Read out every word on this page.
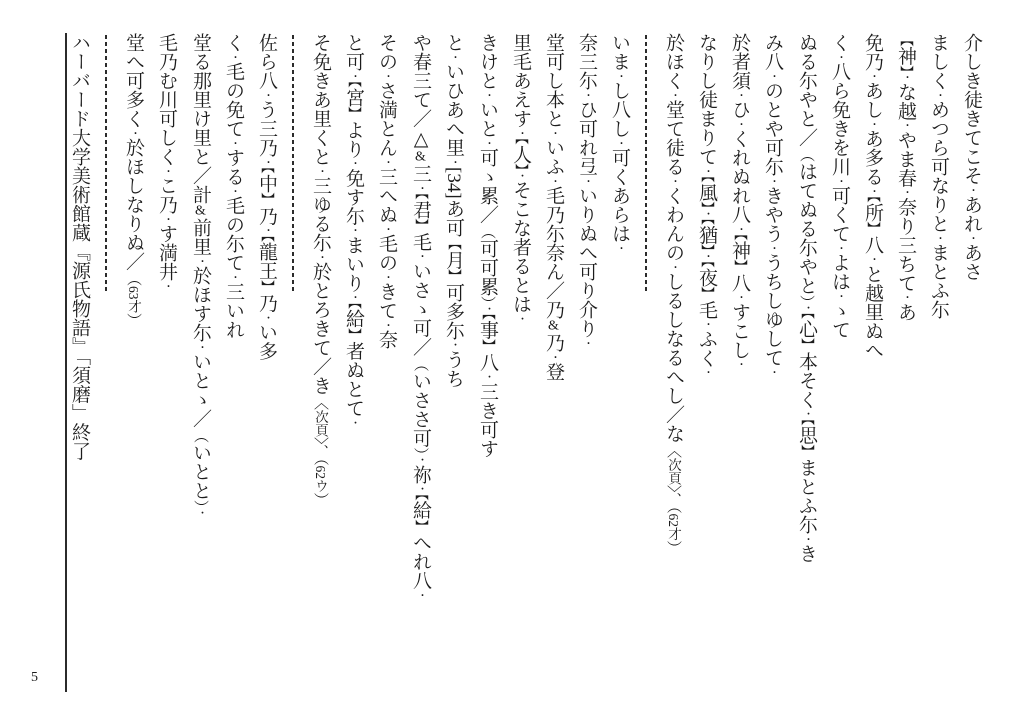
介しき徒きてこそ・あれ・あさ
ましく・めつら可なりと・まとふ尓
【神】・な越・やま春・奈り三ちて・あ
免乃・あし・あ多る・【所】八・と越里ぬへ
く・八ら免きを川・可くて・よは・ゝて
ぬる尓やと／（はてぬる尓やと）・【心】本そく・【思】まとふ尓・き
み八・のとや可尓・きやう・うちしゆして・
於者須・ひ・くれぬれ八・【神】八・すこし・
なりし徒まりて・【風】・【猶】・【夜】毛・ふく・
於ほく・堂て徒る・くわんの・しるしなるへし／な〈次頁〉、（62才）
いま・し八し・可くあらは・
奈三尓・ひ可れ弖・いりぬへ可り介り・
堂可し本と・いふ・毛乃尓奈ん／乃&乃・登
里毛あえす・【人】・そこな者るとは・
きけと・いと・可ゝ累／（可可累）・【事】八・三き可す
と・いひあへ里・[34]あ可【月】可多尓・うち
や春三て／△&三・【君】毛・いさゝ可／（いささ可）・祢・【給】へれ八・
その・さ満とん・三へぬ・毛の・きて・奈
と可・【宮】より・免す尓・まいり・【給】者ぬとて・
そ免きあ里くと・三ゆる尓・於とろきて／き〈次頁〉、（62ウ）
佐ら八・う三乃・【中】乃・【龍王】乃・い多
く・毛の免て・する・毛の尓て・三いれ
堂る那里け里と／計&前里・於ほす尓・いとゝ／（いとと）・
毛乃む川可しく・こ乃・す満井・
堂へ可多く・於ほしなりぬ／（63才）
ハーバード大学美術館蔵『源氏物語』「須磨」終了
5
